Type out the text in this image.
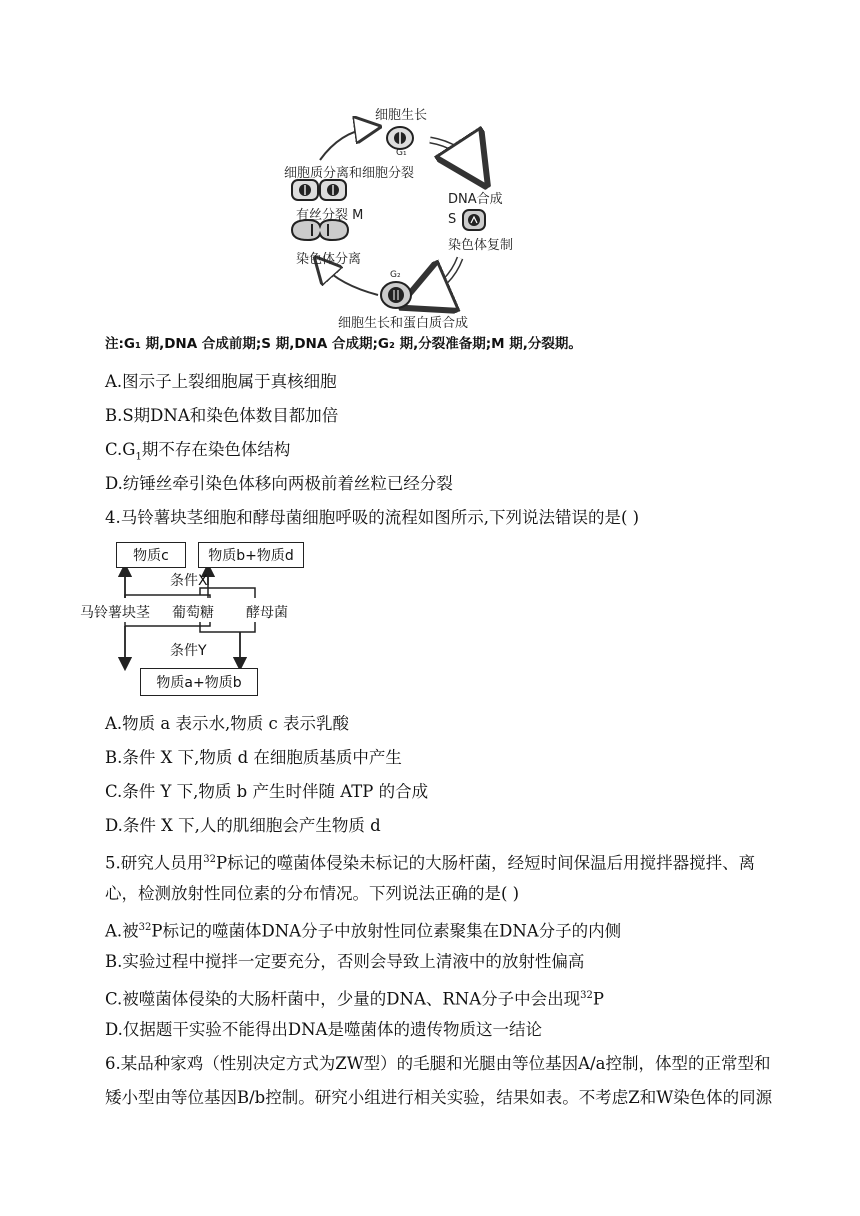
细胞生长
G₁
细胞质分离和细胞分裂
DNA合成
有丝分裂 M	S
染色体复制
染色体分离
G₂
细胞生长和蛋白质合成
注:G₁ 期,DNA 合成前期;S 期,DNA 合成期;G₂ 期,分裂准备期;M 期,分裂期。
A.图示子上裂细胞属于真核细胞
B.S期DNA和染色体数目都加倍
$C.G_1$期不存在染色体结构
D.纺锤丝牵引染色体移向两极前着丝粒已经分裂
4.马铃薯块茎细胞和酵母菌细胞呼吸的流程如图所示,下列说法错误的是( )
物质c	物质b+物质d
条件X
马铃薯块茎 葡萄糖 酵母菌
条件Y
物质a+物质b
A.物质 a 表示水,物质 c 表示乳酸
B.条件 X 下,物质 d 在细胞质基质中产生
C.条件 Y 下,物质 b 产生时伴随 ATP 的合成
D.条件 X 下,人的肌细胞会产生物质 d
5.研究人员用$^{32}$P标记的噬菌体侵染未标记的大肠杆菌，经短时间保温后用搅拌器搅拌、离
心，检测放射性同位素的分布情况。下列说法正确的是( )
A.被$^{32}$P标记的噬菌体DNA分子中放射性同位素聚集在DNA分子的内侧
B.实验过程中搅拌一定要充分，否则会导致上清液中的放射性偏高
C.被噬菌体侵染的大肠杆菌中，少量的DNA、RNA分子中会出现$^{32}$P
D.仅据题干实验不能得出DNA是噬菌体的遗传物质这一结论
6.某品种家鸡（性别决定方式为ZW型）的毛腿和光腿由等位基因A/a控制，体型的正常型和
矮小型由等位基因B/b控制。研究小组进行相关实验，结果如表。不考虑Z和W染色体的同源
